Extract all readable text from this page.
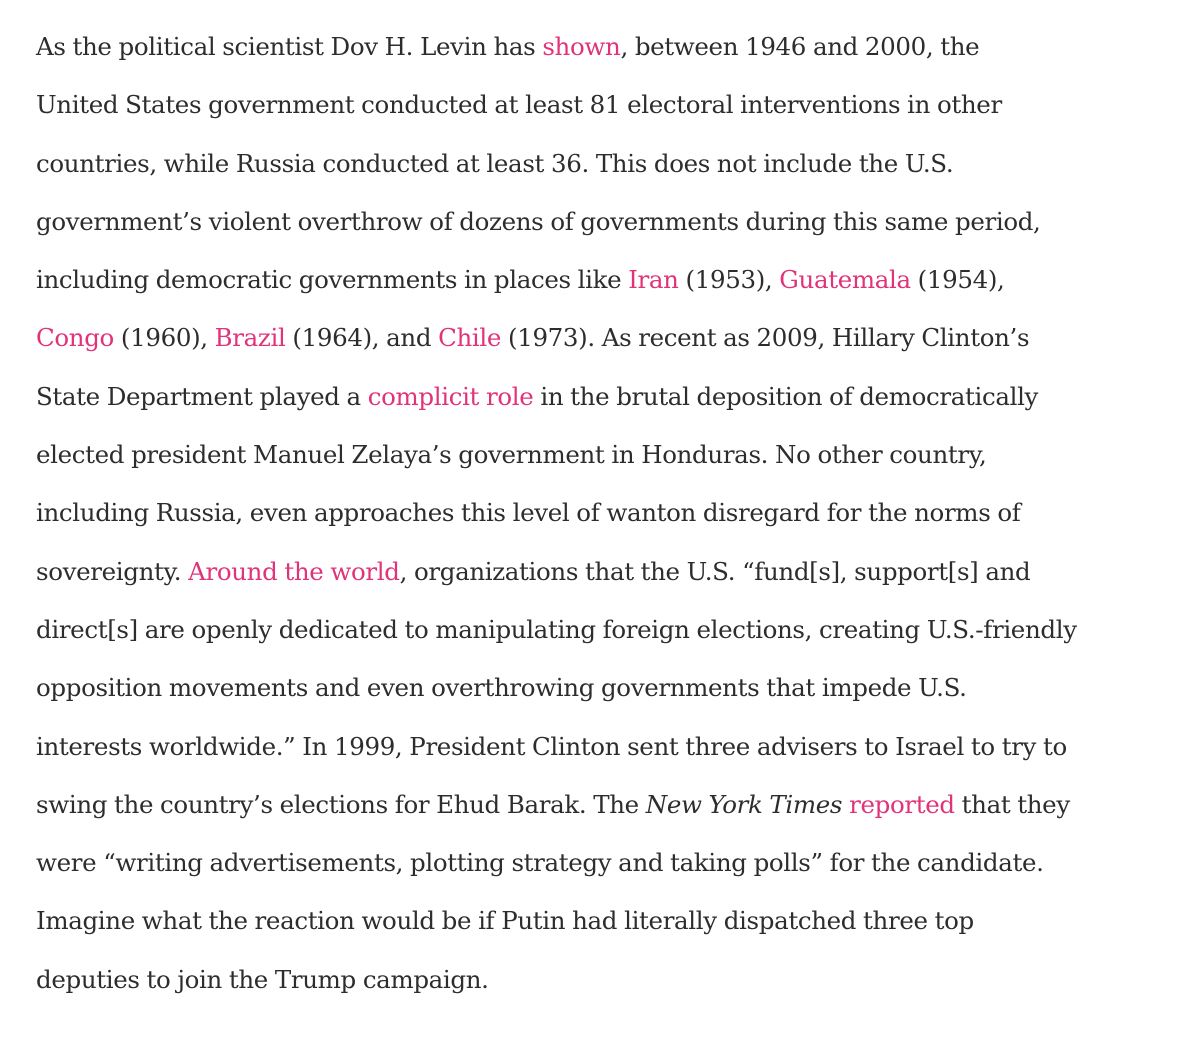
As the political scientist Dov H. Levin has shown, between 1946 and 2000, the
United States government conducted at least 81 electoral interventions in other
countries, while Russia conducted at least 36. This does not include the U.S.
government’s violent overthrow of dozens of governments during this same period,
including democratic governments in places like Iran (1953), Guatemala (1954),
Congo (1960), Brazil (1964), and Chile (1973). As recent as 2009, Hillary Clinton’s
State Department played a complicit role in the brutal deposition of democratically
elected president Manuel Zelaya’s government in Honduras. No other country,
including Russia, even approaches this level of wanton disregard for the norms of
sovereignty. Around the world, organizations that the U.S. “fund[s], support[s] and
direct[s] are openly dedicated to manipulating foreign elections, creating U.S.-friendly
opposition movements and even overthrowing governments that impede U.S.
interests worldwide.” In 1999, President Clinton sent three advisers to Israel to try to
swing the country’s elections for Ehud Barak. The New York Times reported that they
were “writing advertisements, plotting strategy and taking polls” for the candidate.
Imagine what the reaction would be if Putin had literally dispatched three top
deputies to join the Trump campaign.
